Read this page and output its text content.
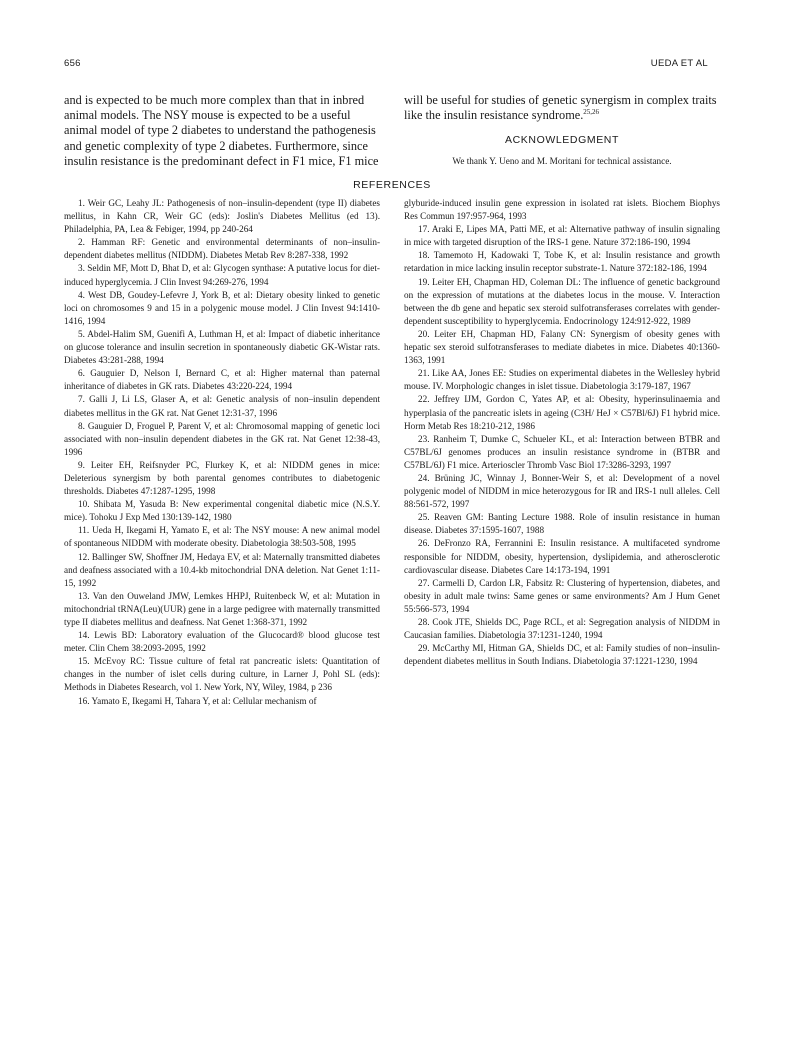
656	UEDA ET AL

and is expected to be much more complex than that in inbred

animal models. The NSY mouse is expected to be a useful

animal model of type 2 diabetes to understand the pathogenesis

and genetic complexity of type 2 diabetes. Furthermore, since

insulin resistance is the predominant defect in F1 mice, F1 mice

will be useful for studies of genetic synergism in complex traits

like the insulin resistance syndrome.$^{25,26}$

ACKNOWLEDGMENT
We thank Y. Ueno and M. Moritani for technical assistance.
REFERENCES

1. Weir GC, Leahy JL: Pathogenesis of non–insulin-dependent (type II) diabetes mellitus, in Kahn CR, Weir GC (eds): Joslin's Diabetes Mellitus (ed 13). Philadelphia, PA, Lea & Febiger, 1994, pp 240-264

2. Hamman RF: Genetic and environmental determinants of non–insulin-dependent diabetes mellitus (NIDDM). Diabetes Metab Rev 8:287-338, 1992

3. Seldin MF, Mott D, Bhat D, et al: Glycogen synthase: A putative locus for diet-induced hyperglycemia. J Clin Invest 94:269-276, 1994

4. West DB, Goudey-Lefevre J, York B, et al: Dietary obesity linked to genetic loci on chromosomes 9 and 15 in a polygenic mouse model. J Clin Invest 94:1410-1416, 1994

5. Abdel-Halim SM, Guenifi A, Luthman H, et al: Impact of diabetic inheritance on glucose tolerance and insulin secretion in spontaneously diabetic GK-Wistar rats. Diabetes 43:281-288, 1994

6. Gauguier D, Nelson I, Bernard C, et al: Higher maternal than paternal inheritance of diabetes in GK rats. Diabetes 43:220-224, 1994

7. Galli J, Li LS, Glaser A, et al: Genetic analysis of non–insulin dependent diabetes mellitus in the GK rat. Nat Genet 12:31-37, 1996

8. Gauguier D, Froguel P, Parent V, et al: Chromosomal mapping of genetic loci associated with non–insulin dependent diabetes in the GK rat. Nat Genet 12:38-43, 1996

9. Leiter EH, Reifsnyder PC, Flurkey K, et al: NIDDM genes in mice: Deleterious synergism by both parental genomes contributes to diabetogenic thresholds. Diabetes 47:1287-1295, 1998

10. Shibata M, Yasuda B: New experimental congenital diabetic mice (N.S.Y. mice). Tohoku J Exp Med 130:139-142, 1980

11. Ueda H, Ikegami H, Yamato E, et al: The NSY mouse: A new animal model of spontaneous NIDDM with moderate obesity. Diabetologia 38:503-508, 1995

12. Ballinger SW, Shoffner JM, Hedaya EV, et al: Maternally transmitted diabetes and deafness associated with a 10.4-kb mitochondrial DNA deletion. Nat Genet 1:11-15, 1992

13. Van den Ouweland JMW, Lemkes HHPJ, Ruitenbeck W, et al: Mutation in mitochondrial tRNA(Leu)(UUR) gene in a large pedigree with maternally transmitted type II diabetes mellitus and deafness. Nat Genet 1:368-371, 1992

14. Lewis BD: Laboratory evaluation of the Glucocard® blood glucose test meter. Clin Chem 38:2093-2095, 1992

15. McEvoy RC: Tissue culture of fetal rat pancreatic islets: Quantitation of changes in the number of islet cells during culture, in Larner J, Pohl SL (eds): Methods in Diabetes Research, vol 1. New York, NY, Wiley, 1984, p 236

16. Yamato E, Ikegami H, Tahara Y, et al: Cellular mechanism of

glyburide-induced insulin gene expression in isolated rat islets. Biochem Biophys Res Commun 197:957-964, 1993

17. Araki E, Lipes MA, Patti ME, et al: Alternative pathway of insulin signaling in mice with targeted disruption of the IRS-1 gene. Nature 372:186-190, 1994

18. Tamemoto H, Kadowaki T, Tobe K, et al: Insulin resistance and growth retardation in mice lacking insulin receptor substrate-1. Nature 372:182-186, 1994

19. Leiter EH, Chapman HD, Coleman DL: The influence of genetic background on the expression of mutations at the diabetes locus in the mouse. V. Interaction between the db gene and hepatic sex steroid sulfotransferases correlates with gender-dependent susceptibility to hyperglycemia. Endocrinology 124:912-922, 1989

20. Leiter EH, Chapman HD, Falany CN: Synergism of obesity genes with hepatic sex steroid sulfotransferases to mediate diabetes in mice. Diabetes 40:1360-1363, 1991

21. Like AA, Jones EE: Studies on experimental diabetes in the Wellesley hybrid mouse. IV. Morphologic changes in islet tissue. Diabetologia 3:179-187, 1967

22. Jeffrey IJM, Gordon C, Yates AP, et al: Obesity, hyperinsulinaemia and hyperplasia of the pancreatic islets in ageing (C3H/ HeJ × C57Bl/6J) F1 hybrid mice. Horm Metab Res 18:210-212, 1986

23. Ranheim T, Dumke C, Schueler KL, et al: Interaction between BTBR and C57BL/6J genomes produces an insulin resistance syndrome in (BTBR and C57BL/6J) F1 mice. Arterioscler Thromb Vasc Biol 17:3286-3293, 1997

24. Brüning JC, Winnay J, Bonner-Weir S, et al: Development of a novel polygenic model of NIDDM in mice heterozygous for IR and IRS-1 null alleles. Cell 88:561-572, 1997

25. Reaven GM: Banting Lecture 1988. Role of insulin resistance in human disease. Diabetes 37:1595-1607, 1988

26. DeFronzo RA, Ferrannini E: Insulin resistance. A multifaceted syndrome responsible for NIDDM, obesity, hypertension, dyslipidemia, and atherosclerotic cardiovascular disease. Diabetes Care 14:173-194, 1991

27. Carmelli D, Cardon LR, Fabsitz R: Clustering of hypertension, diabetes, and obesity in adult male twins: Same genes or same environments? Am J Hum Genet 55:566-573, 1994

28. Cook JTE, Shields DC, Page RCL, et al: Segregation analysis of NIDDM in Caucasian families. Diabetologia 37:1231-1240, 1994

29. McCarthy MI, Hitman GA, Shields DC, et al: Family studies of non–insulin-dependent diabetes mellitus in South Indians. Diabetologia 37:1221-1230, 1994
